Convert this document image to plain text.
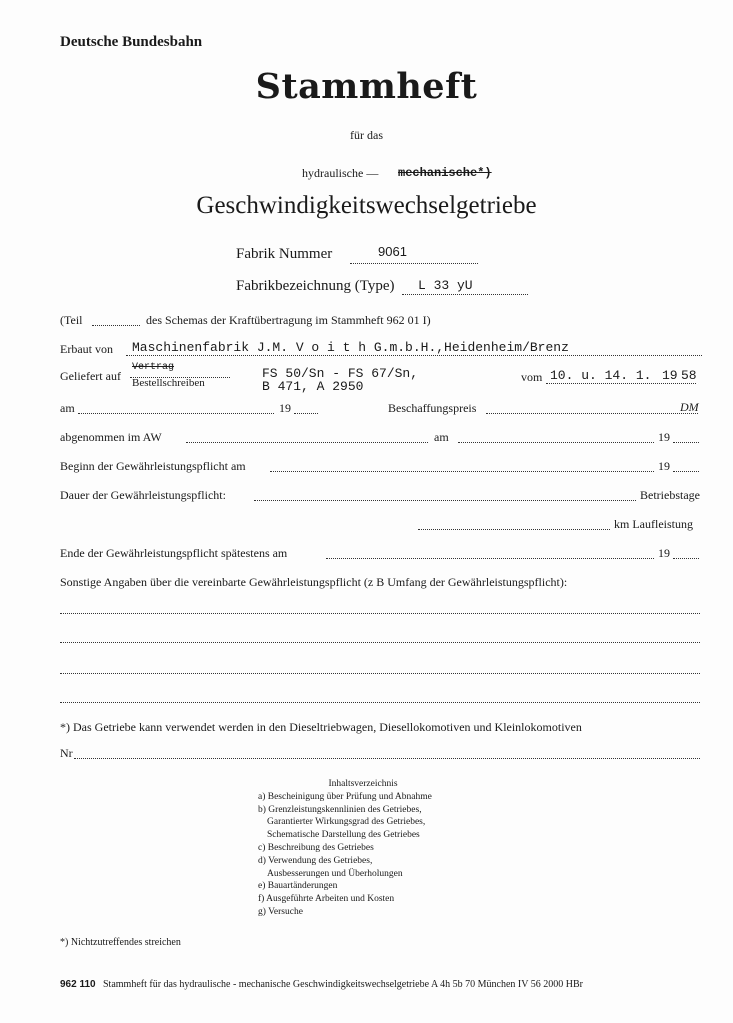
Deutsche Bundesbahn
Stammheft
für das
hydraulische — mechanische*)
Geschwindigkeitswechselgetriebe
Fabrik Nummer	9061
Fabrikbezeichnung (Type) L 33 yU
(Teil	des Schemas der Kraftübertragung im Stammheft 962 01 I)
Erbaut von Maschinenfabrik J.M. V o i t h G.m.b.H.,Heidenheim/Brenz
Geliefert auf
Vertrag
Bestellschreiben
FS 50/Sn - FS 67/Sn,
B 471, A 2950
vom 10. u. 14. 1. 19 58
am	19	Beschaffungspreis	DM
abgenommen im AW	am	19
Beginn der Gewährleistungspflicht am	19
Dauer der Gewährleistungspflicht:	Betriebstage
km Laufleistung
Ende der Gewährleistungspflicht spätestens am	19
Sonstige Angaben über die vereinbarte Gewährleistungspflicht (z B Umfang der Gewährleistungspflicht):
*) Das Getriebe kann verwendet werden in den Dieseltriebwagen, Diesellokomotiven und Kleinlokomotiven
Nr
Inhaltsverzeichnis
a) Bescheinigung über Prüfung und Abnahme
b) Grenzleistungskennlinien des Getriebes,
Garantierter Wirkungsgrad des Getriebes,
Schematische Darstellung des Getriebes
c) Beschreibung des Getriebes
d) Verwendung des Getriebes,
Ausbesserungen und Überholungen
e) Bauartänderungen
f) Ausgeführte Arbeiten und Kosten
g) Versuche
*) Nichtzutreffendes streichen
962 110 Stammheft für das hydraulische - mechanische Geschwindigkeitswechselgetriebe A 4h 5b 70 München IV 56 2000 HBr
